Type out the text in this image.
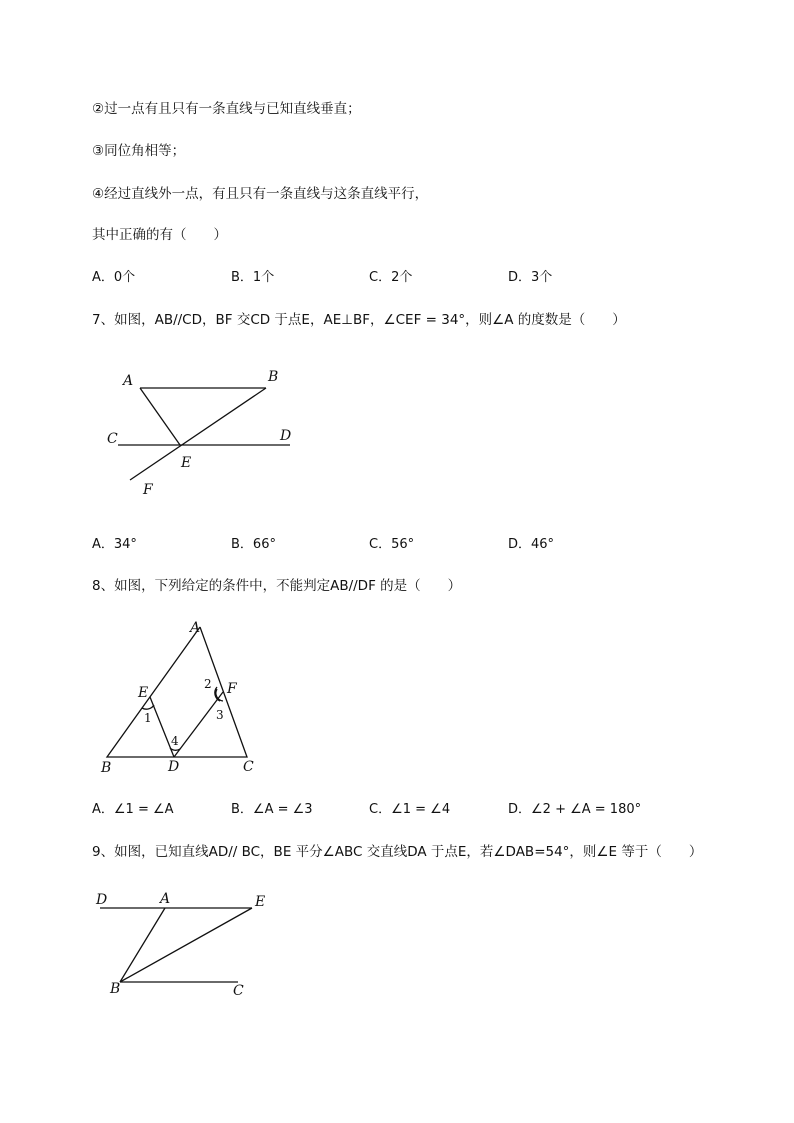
②过一点有且只有一条直线与已知直线垂直；
③同位角相等；
④经过直线外一点，有且只有一条直线与这条直线平行，
其中正确的有（　　）
A．0个	B．1个	C．2个	D．3个
7、如图，AB//CD，BF 交CD 于点E，AE⊥BF，∠CEF = 34°，则∠A 的度数是（　　）
A	B
C	D
E
F
A．34°	B．66°	C．56°	D．46°
8、如图，下列给定的条件中，不能判定AB//DF 的是（　　）
A
E	F
B	D	C
1
2
3
4
A．∠1 = ∠A	B．∠A = ∠3	C．∠1 = ∠4	D．∠2 + ∠A = 180°
9、如图，已知直线AD// BC，BE 平分∠ABC 交直线DA 于点E，若∠DAB=54°，则∠E 等于（　　）
D	A	E
B	C
